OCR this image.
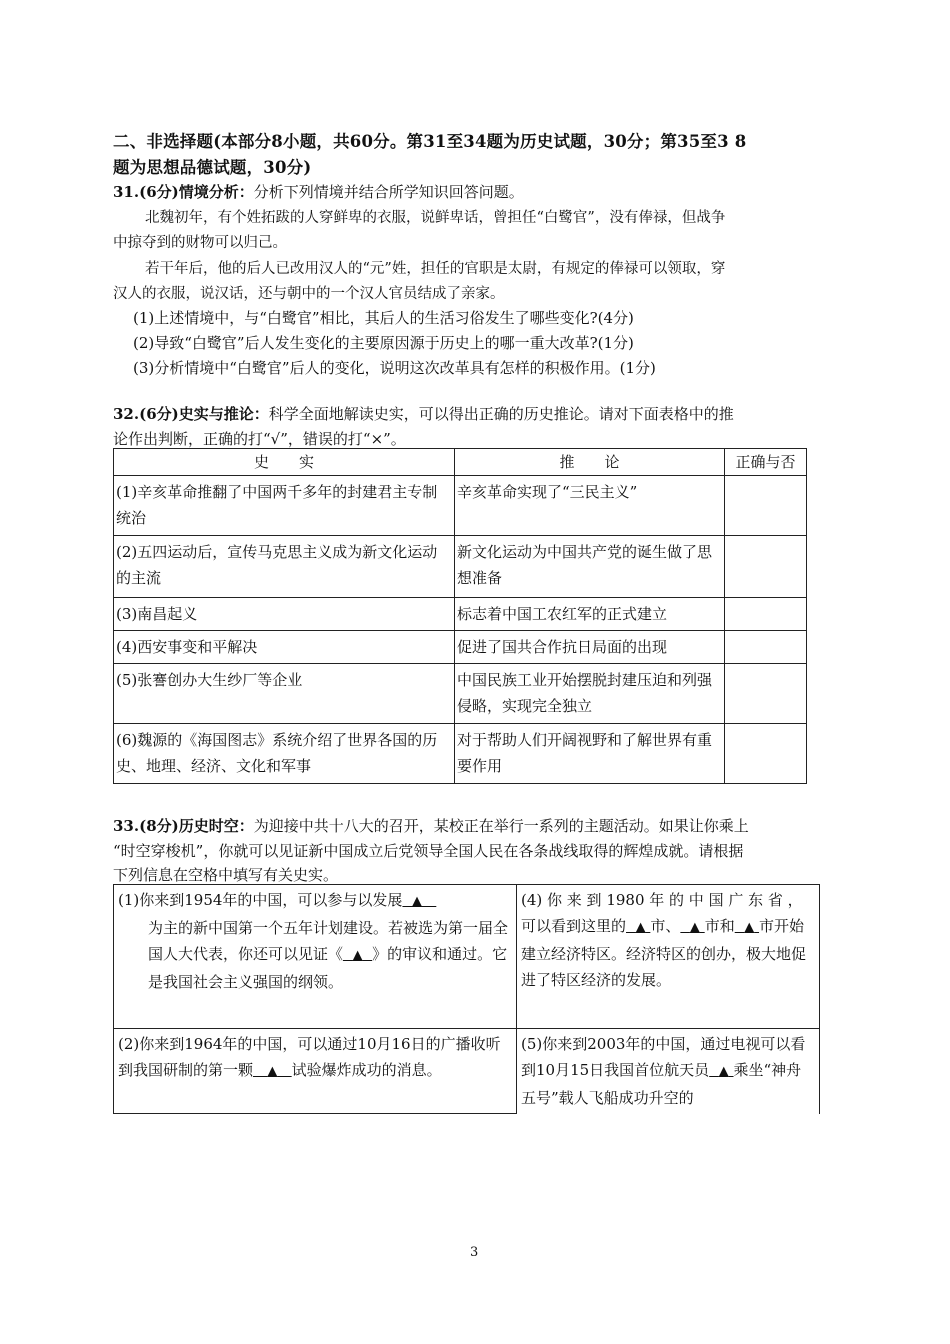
二、非选择题(本部分8小题，共60分。第31至34题为历史试题，30分；第35至3 8
题为思想品德试题，30分)
31.(6分)情境分析：分析下列情境并结合所学知识回答问题。
北魏初年，有个姓拓跋的人穿鲜卑的衣服，说鲜卑话，曾担任“白鹭官”，没有俸禄，但战争
中掠夺到的财物可以归己。
若干年后，他的后人已改用汉人的“元”姓，担任的官职是太尉，有规定的俸禄可以领取，穿
汉人的衣服，说汉话，还与朝中的一个汉人官员结成了亲家。
(1)上述情境中，与“白鹭官”相比，其后人的生活习俗发生了哪些变化?(4分)
(2)导致“白鹭官”后人发生变化的主要原因源于历史上的哪一重大改革?(1分)
(3)分析情境中“白鹭官”后人的变化，说明这次改革具有怎样的积极作用。(1分)
32.(6分)史实与推论：科学全面地解读史实，可以得出正确的历史推论。请对下面表格中的推
论作出判断，正确的打“√”，错误的打“×”。
史　　实	推　　论	正确与否
(1)辛亥革命推翻了中国两千多年的封建君主专制统治	辛亥革命实现了“三民主义”	
(2)五四运动后，宣传马克思主义成为新文化运动的主流	新文化运动为中国共产党的诞生做了思想准备	
(3)南昌起义	标志着中国工农红军的正式建立	
(4)西安事变和平解决	促进了国共合作抗日局面的出现	
(5)张謇创办大生纱厂等企业	中国民族工业开始摆脱封建压迫和列强侵略，实现完全独立	
(6)魏源的《海国图志》系统介绍了世界各国的历史、地理、经济、文化和军事	对于帮助人们开阔视野和了解世界有重要作用	
33.(8分)历史时空：为迎接中共十八大的召开，某校正在举行一系列的主题活动。如果让你乘上
“时空穿梭机”，你就可以见证新中国成立后党领导全国人民在各条战线取得的辉煌成就。请根据
下列信息在空格中填写有关史实。
(1)你来到1954年的中国，可以参与以发展 ▲
为主的新中国第一个五年计划建设。若被选为第一届全国人大代表，你还可以见证《 ▲ 》的审议和通过。它是我国社会主义强国的纲领。
(4) 你 来 到 1980 年 的 中 国 广 东 省 ， 可以看到这里的 ▲ 市、 ▲ 市和 ▲ 市开始建立经济特区。经济特区的创办，极大地促进了特区经济的发展。
(2)你来到1964年的中国，可以通过10月16日的广播收听到我国研制的第一颗 ▲ 试验爆炸成功的消息。
(5)你来到2003年的中国，通过电视可以看到10月15日我国首位航天员 ▲ 乘坐“神舟五号”载人飞船成功升空的
3
